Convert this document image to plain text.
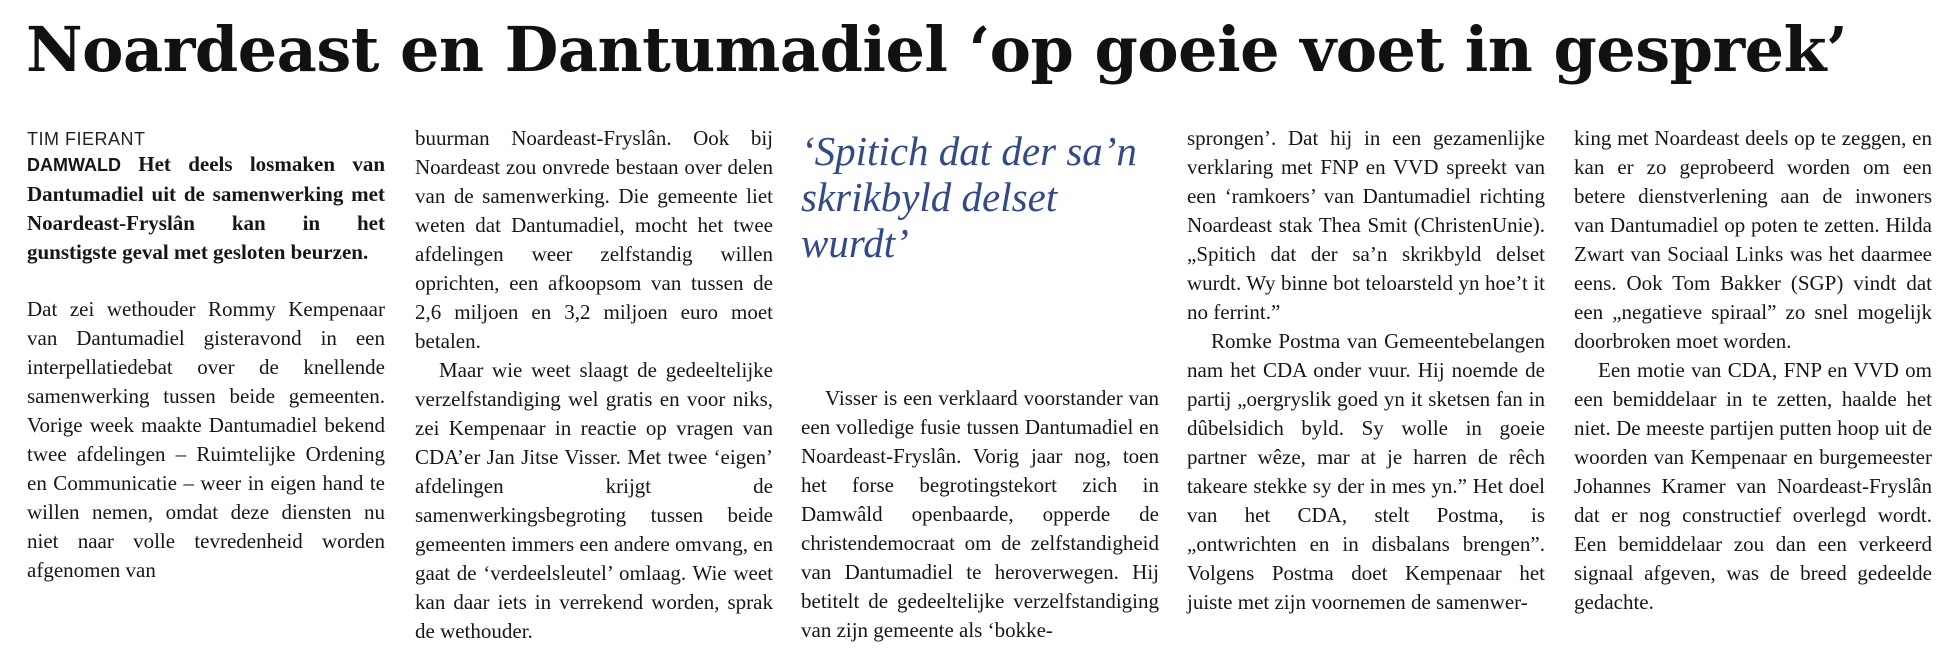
Noardeast en Dantumadiel ‘op goeie voet in gesprek’

TIM FIERANT

DAMWALD Het deels losmaken van Dantumadiel uit de samenwerking met Noardeast-Fryslân kan in het gunstigste geval met gesloten beurzen.

Dat zei wethouder Rommy Kempenaar van Dantumadiel gisteravond in een interpellatiedebat over de knellende samenwerking tussen beide gemeenten. Vorige week maakte Dantumadiel bekend twee afdelingen – Ruimtelijke Ordening en Communicatie – weer in eigen hand te willen nemen, omdat deze diensten nu niet naar volle tevredenheid worden afgenomen van

buurman Noardeast-Fryslân. Ook bij Noardeast zou onvrede bestaan over delen van de samenwerking. Die gemeente liet weten dat Dantumadiel, mocht het twee afdelingen weer zelfstandig willen oprichten, een afkoopsom van tussen de 2,6 miljoen en 3,2 miljoen euro moet betalen.

Maar wie weet slaagt de gedeeltelijke verzelfstandiging wel gratis en voor niks, zei Kempenaar in reactie op vragen van CDA’er Jan Jitse Visser. Met twee ‘eigen’ afdelingen krijgt de samenwerkingsbegroting tussen beide gemeenten immers een andere omvang, en gaat de ‘verdeelsleutel’ omlaag. Wie weet kan daar iets in verrekend worden, sprak de wethouder.

‘Spitich dat der sa’n skrikbyld delset wurdt’

Visser is een verklaard voorstander van een volledige fusie tussen Dantumadiel en Noardeast-Fryslân. Vorig jaar nog, toen het forse begrotingstekort zich in Damwâld openbaarde, opperde de christendemocraat om de zelfstandigheid van Dantumadiel te heroverwegen. Hij betitelt de gedeeltelijke verzelfstandiging van zijn gemeente als ‘bokke-

sprongen’. Dat hij in een gezamenlijke verklaring met FNP en VVD spreekt van een ‘ramkoers’ van Dantumadiel richting Noardeast stak Thea Smit (ChristenUnie). „Spitich dat der sa’n skrikbyld delset wurdt. Wy binne bot teloarsteld yn hoe’t it no ferrint.”

Romke Postma van Gemeentebelangen nam het CDA onder vuur. Hij noemde de partij „oergryslik goed yn it sketsen fan in dûbelsidich byld. Sy wolle in goeie partner wêze, mar at je harren de rêch takeare stekke sy der in mes yn.” Het doel van het CDA, stelt Postma, is „ontwrichten en in disbalans brengen”. Volgens Postma doet Kempenaar het juiste met zijn voornemen de samenwer-

king met Noardeast deels op te zeggen, en kan er zo geprobeerd worden om een betere dienstverlening aan de inwoners van Dantumadiel op poten te zetten. Hilda Zwart van Sociaal Links was het daarmee eens. Ook Tom Bakker (SGP) vindt dat een „negatieve spiraal” zo snel mogelijk doorbroken moet worden.

Een motie van CDA, FNP en VVD om een bemiddelaar in te zetten, haalde het niet. De meeste partijen putten hoop uit de woorden van Kempenaar en burgemeester Johannes Kramer van Noardeast-Fryslân dat er nog constructief overlegd wordt. Een bemiddelaar zou dan een verkeerd signaal afgeven, was de breed gedeelde gedachte.
